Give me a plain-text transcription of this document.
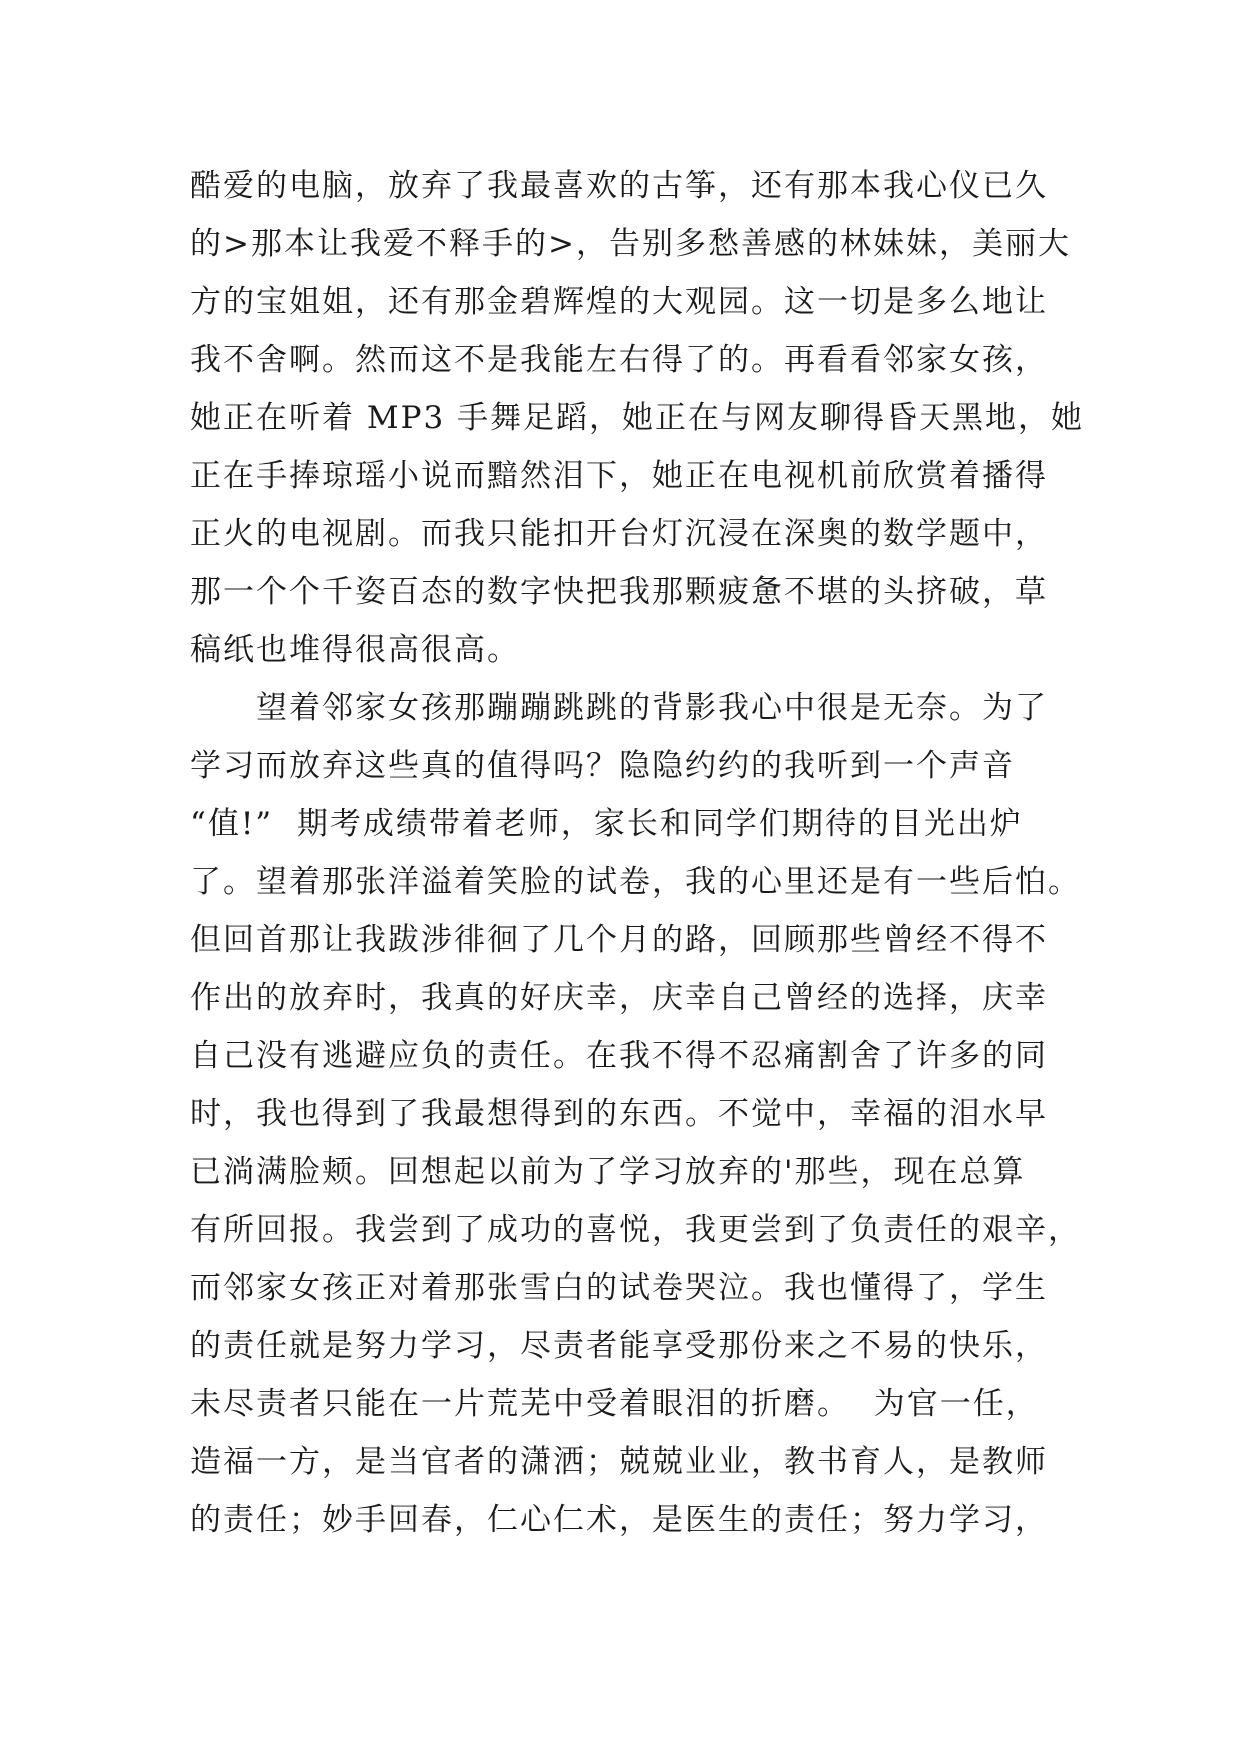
酷爱的电脑，放弃了我最喜欢的古筝，还有那本我心仪已久
的>那本让我爱不释手的>，告别多愁善感的林妹妹，美丽大
方的宝姐姐，还有那金碧辉煌的大观园。这一切是多么地让
我不舍啊。然而这不是我能左右得了的。再看看邻家女孩，
她正在听着 MP3 手舞足蹈，她正在与网友聊得昏天黑地，她
正在手捧琼瑶小说而黯然泪下，她正在电视机前欣赏着播得
正火的电视剧。而我只能扣开台灯沉浸在深奥的数学题中，
那一个个千姿百态的数字快把我那颗疲惫不堪的头挤破，草
稿纸也堆得很高很高。
　　望着邻家女孩那蹦蹦跳跳的背影我心中很是无奈。为了
学习而放弃这些真的值得吗？隐隐约约的我听到一个声音
“值!”  期考成绩带着老师，家长和同学们期待的目光出炉
了。望着那张洋溢着笑脸的试卷，我的心里还是有一些后怕。
但回首那让我跋涉徘徊了几个月的路，回顾那些曾经不得不
作出的放弃时，我真的好庆幸，庆幸自己曾经的选择，庆幸
自己没有逃避应负的责任。在我不得不忍痛割舍了许多的同
时，我也得到了我最想得到的东西。不觉中，幸福的泪水早
已淌满脸颊。回想起以前为了学习放弃的'那些，现在总算
有所回报。我尝到了成功的喜悦，我更尝到了负责任的艰辛，
而邻家女孩正对着那张雪白的试卷哭泣。我也懂得了，学生
的责任就是努力学习，尽责者能享受那份来之不易的快乐，
未尽责者只能在一片荒芜中受着眼泪的折磨。  为官一任，
造福一方，是当官者的潇洒；兢兢业业，教书育人，是教师
的责任；妙手回春，仁心仁术，是医生的责任；努力学习，
